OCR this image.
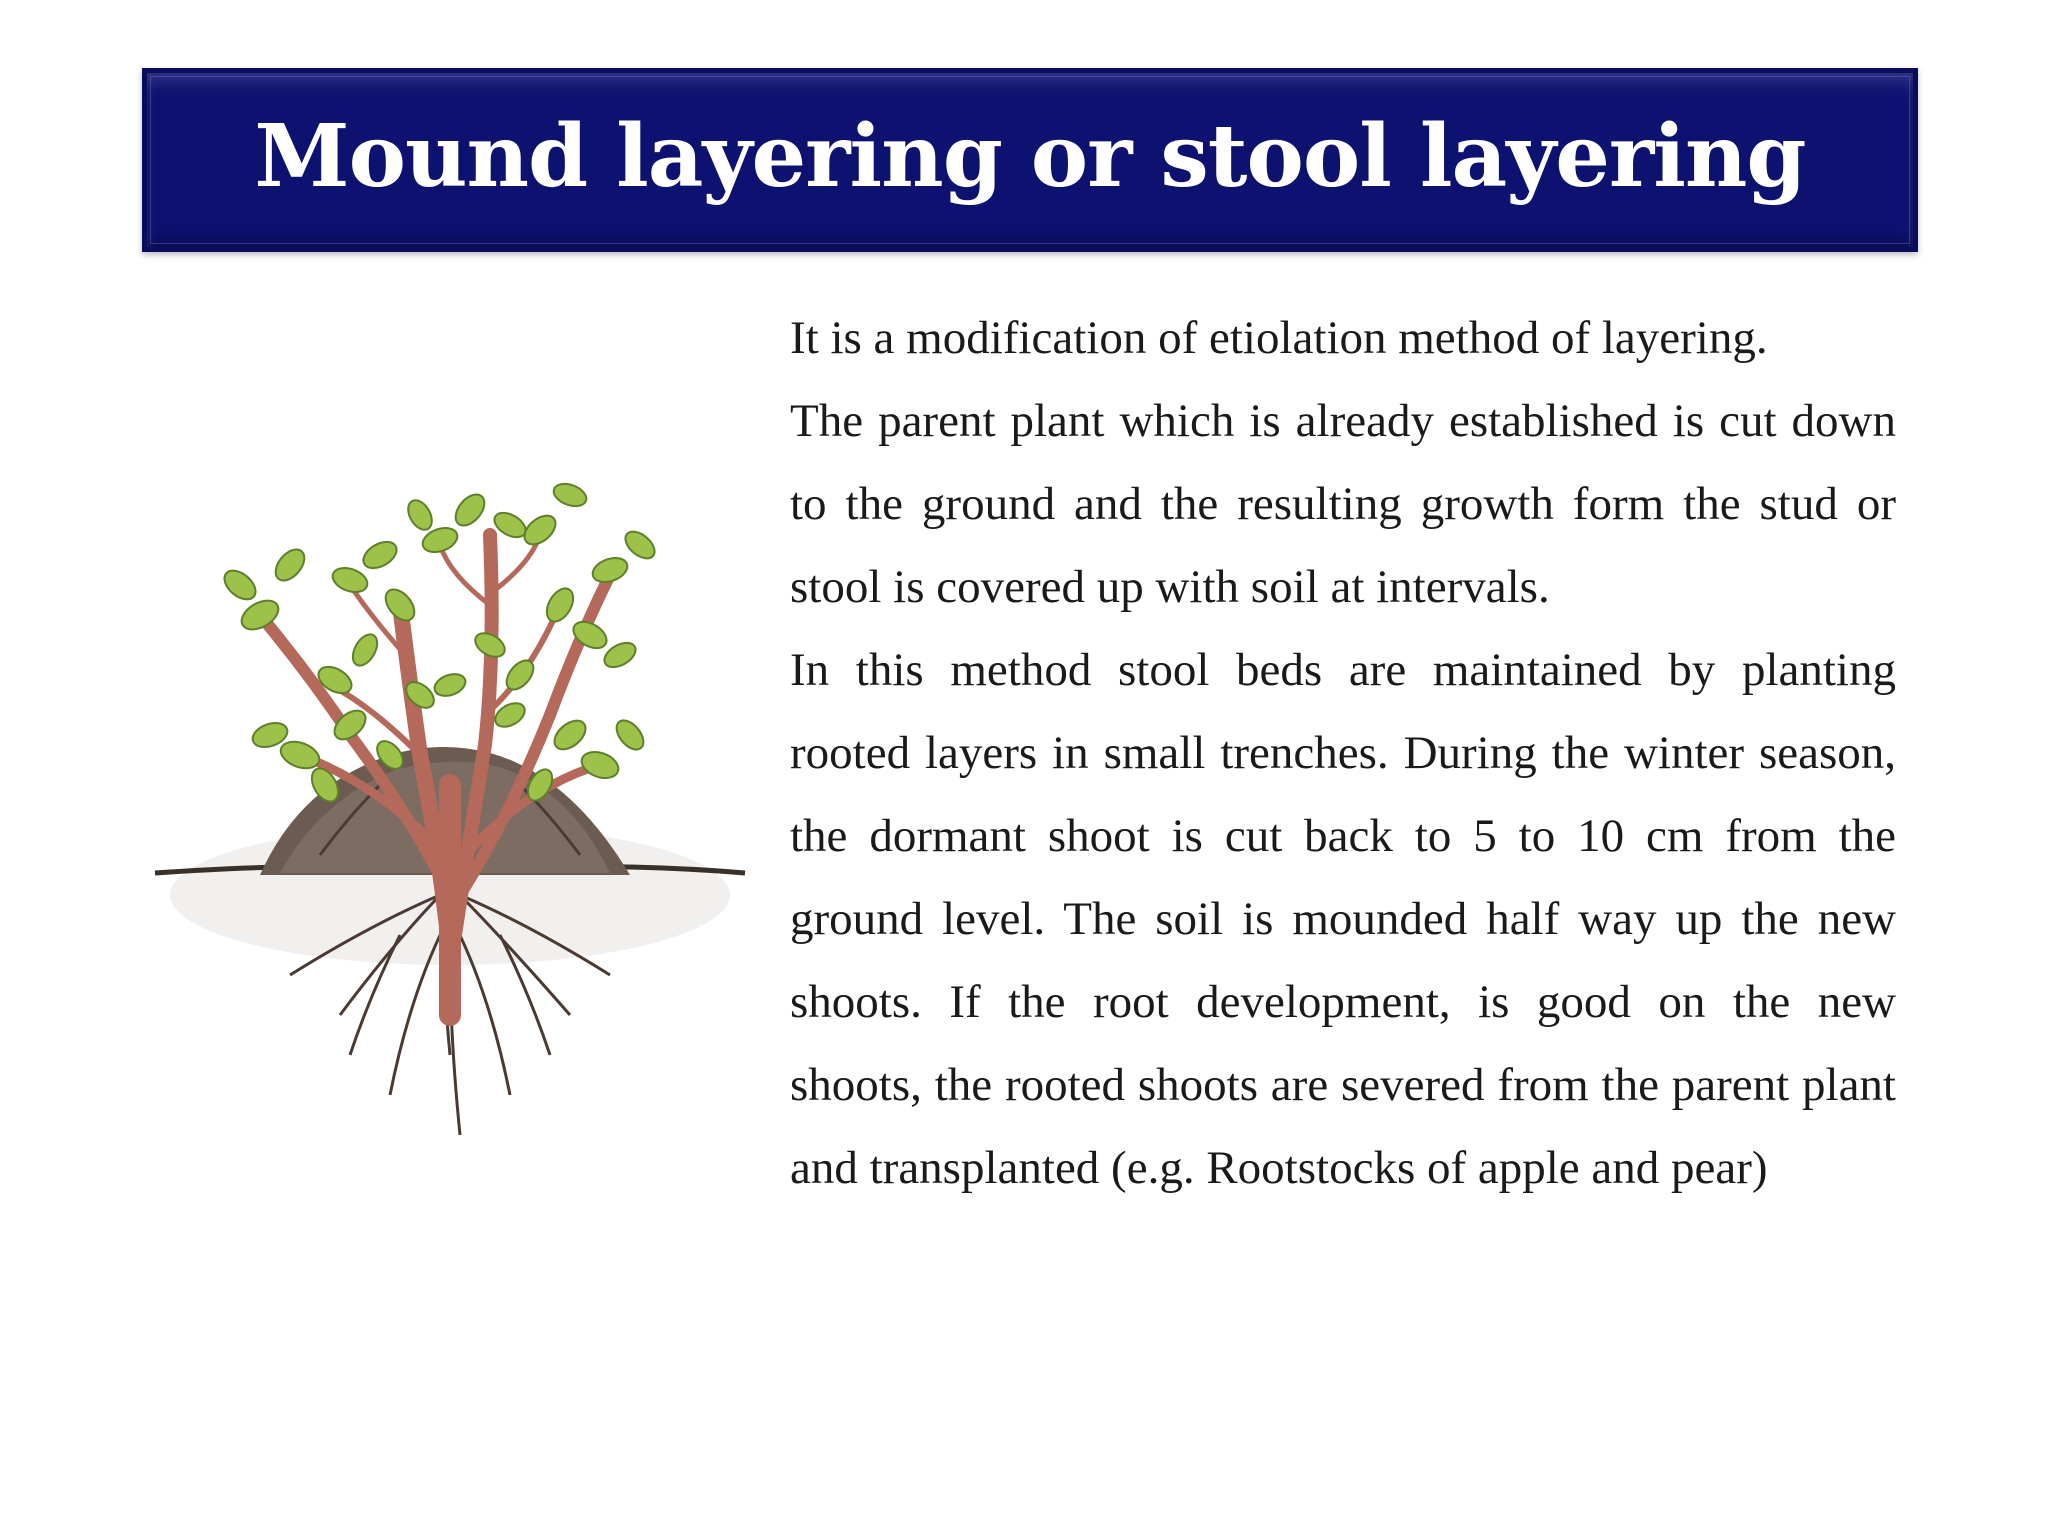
Mound layering or stool layering

It is a modification of etiolation method of layering.

The parent plant which is already established is cut down to the ground and the resulting growth form the stud or stool is covered up with soil at intervals.

In this method stool beds are maintained by planting rooted layers in small trenches. During the winter season, the dormant shoot is cut back to 5 to 10 cm from the ground level. The soil is mounded half way up the new shoots. If the root development, is good on the new shoots, the rooted shoots are severed from the parent plant and transplanted (e.g. Rootstocks of apple and pear)
